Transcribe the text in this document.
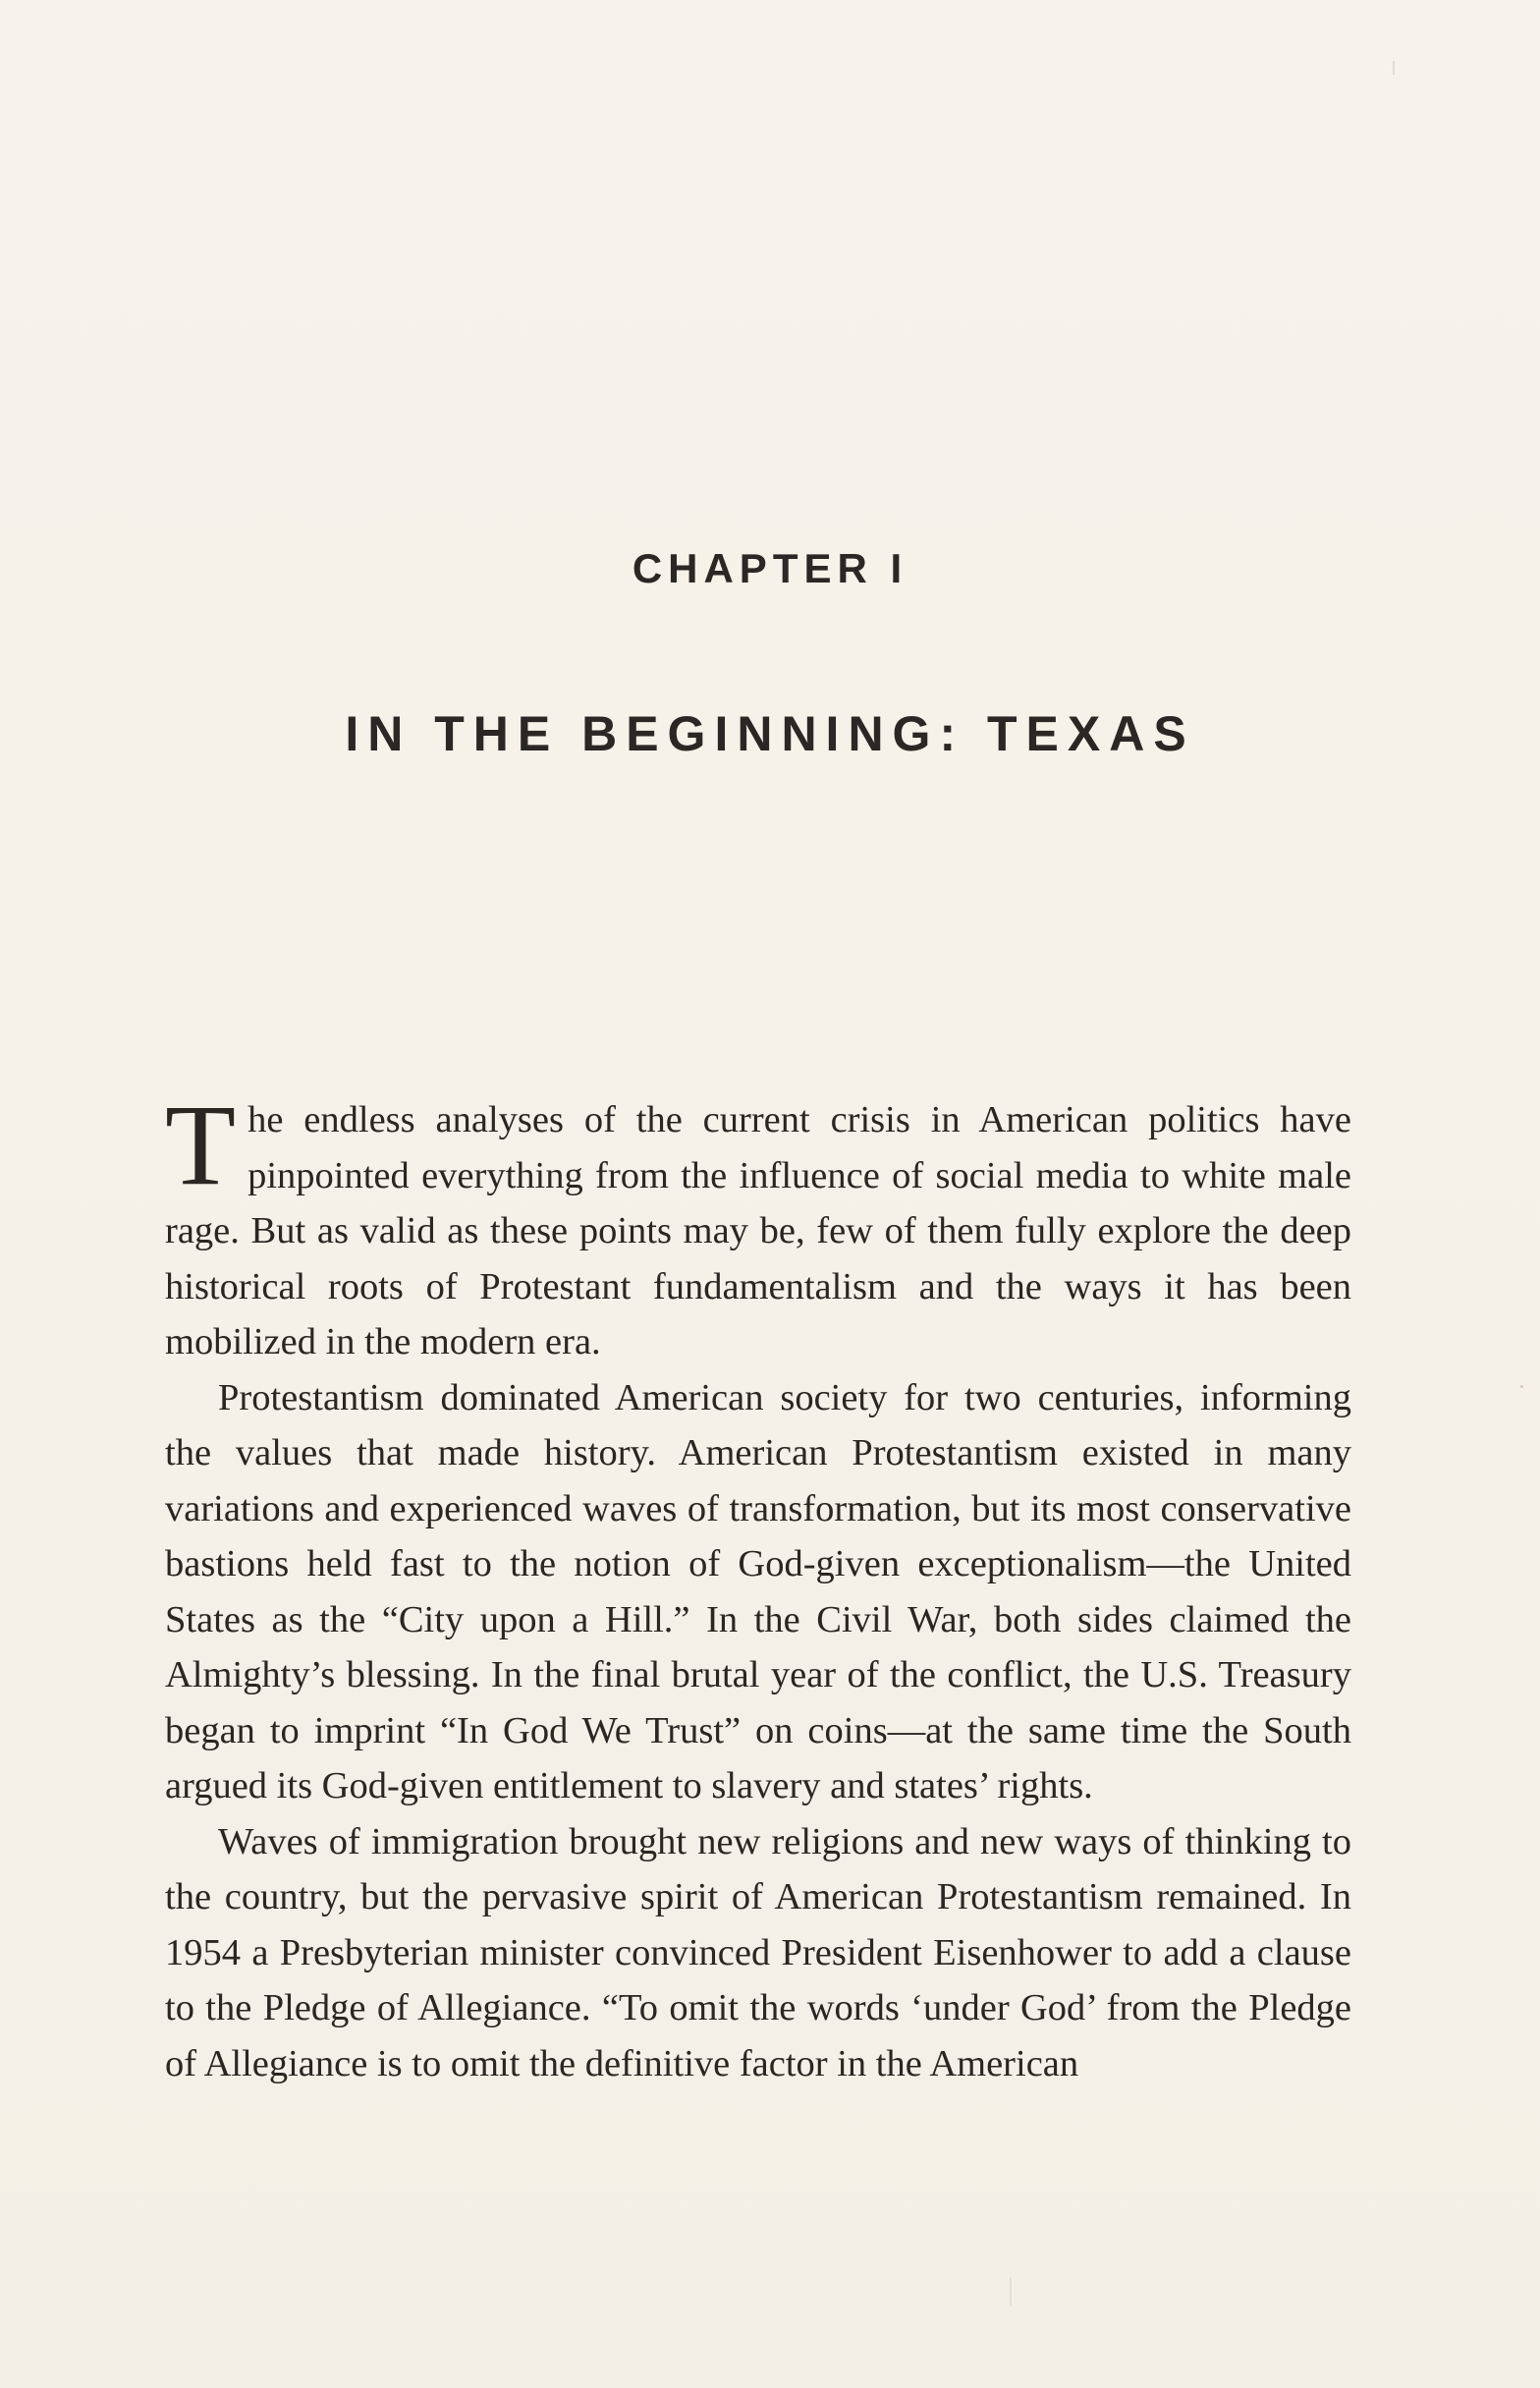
CHAPTER I
IN THE BEGINNING: TEXAS

The endless analyses of the current crisis in American politics have pinpointed everything from the influence of social media to white male rage. But as valid as these points may be, few of them fully explore the deep historical roots of Protestant fundamentalism and the ways it has been mobilized in the modern era.

Protestantism dominated American society for two centuries, informing the values that made history. American Protestantism existed in many variations and experienced waves of transformation, but its most conservative bastions held fast to the notion of God-given exceptionalism—the United States as the “City upon a Hill.” In the Civil War, both sides claimed the Almighty’s blessing. In the final brutal year of the conflict, the U.S. Treasury began to imprint “In God We Trust” on coins—at the same time the South argued its God-given entitlement to slavery and states’ rights.

Waves of immigration brought new religions and new ways of thinking to the country, but the pervasive spirit of American Protestantism remained. In 1954 a Presbyterian minister convinced President Eisenhower to add a clause to the Pledge of Allegiance. “To omit the words ‘under God’ from the Pledge of Allegiance is to omit the definitive factor in the American
